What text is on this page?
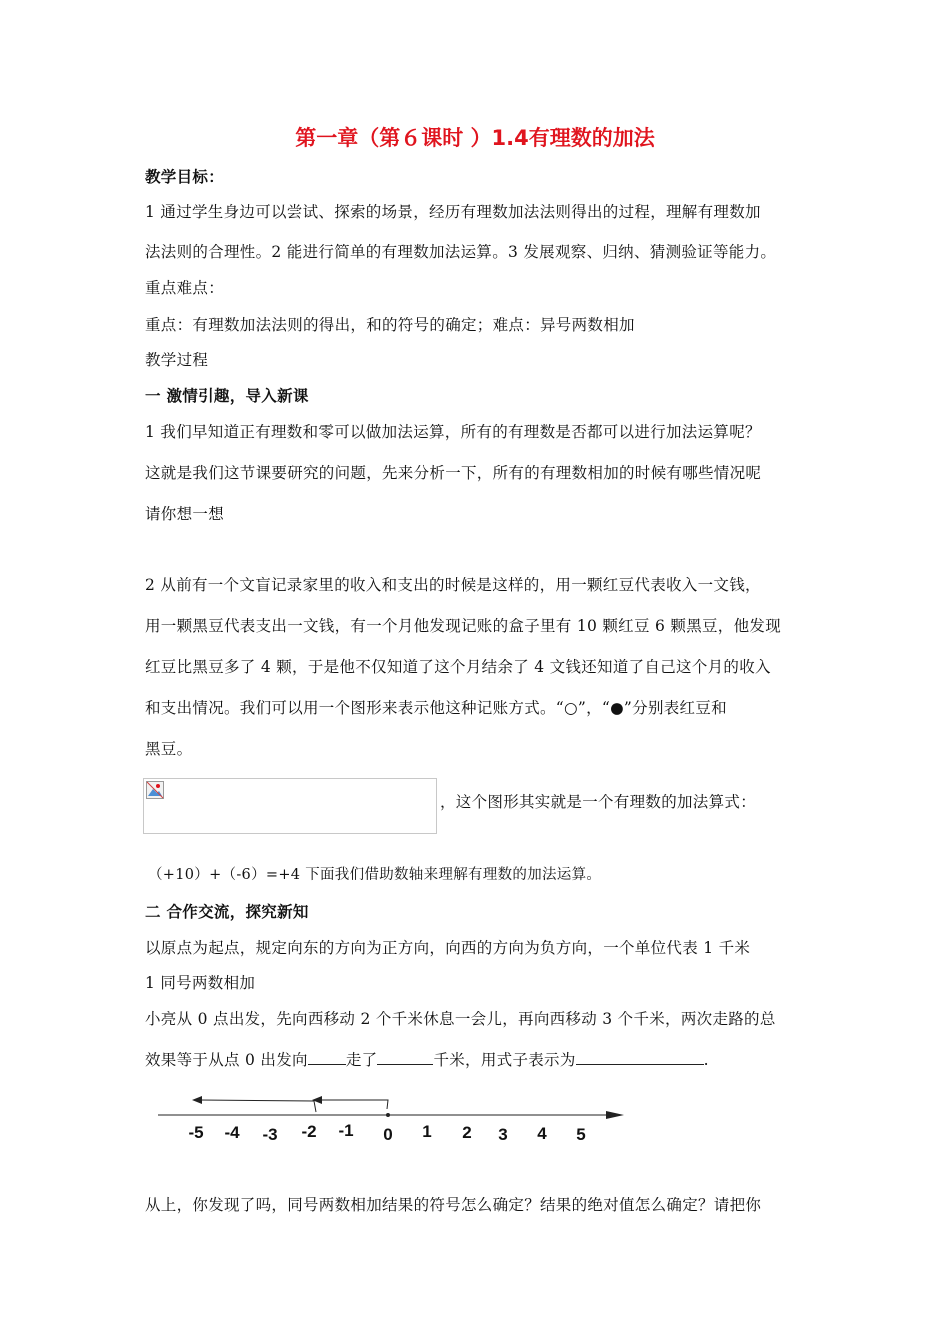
第一章（第６课时 ）1.4有理数的加法
教学目标：
1 通过学生身边可以尝试、探索的场景，经历有理数加法法则得出的过程，理解有理数加
法法则的合理性。2 能进行简单的有理数加法运算。3 发展观察、归纳、猜测验证等能力。
重点难点：
重点：有理数加法法则的得出，和的符号的确定；难点：异号两数相加
教学过程
一 激情引趣，导入新课
1 我们早知道正有理数和零可以做加法运算，所有的有理数是否都可以进行加法运算呢？
这就是我们这节课要研究的问题，先来分析一下，所有的有理数相加的时候有哪些情况呢
请你想一想
2 从前有一个文盲记录家里的收入和支出的时候是这样的，用一颗红豆代表收入一文钱，
用一颗黑豆代表支出一文钱，有一个月他发现记账的盒子里有 10 颗红豆 6 颗黑豆，他发现
红豆比黑豆多了 4 颗，于是他不仅知道了这个月结余了 4 文钱还知道了自己这个月的收入
和支出情况。我们可以用一个图形来表示他这种记账方式。“○”，“●”分别表红豆和
黑豆。
，这个图形其实就是一个有理数的加法算式：
（+10）+（-6）=+4 下面我们借助数轴来理解有理数的加法运算。
二 合作交流，探究新知
以原点为起点，规定向东的方向为正方向，向西的方向为负方向，一个单位代表 1 千米
1 同号两数相加
小亮从 0 点出发，先向西移动 2 个千米休息一会儿，再向西移动 3 个千米，两次走路的总
效果等于从点 0 出发向 走了	千米，用式子表示为	.
-5 -4 -3 -2 -1 0 1 2 3 4 5
从上，你发现了吗，同号两数相加结果的符号怎么确定？结果的绝对值怎么确定？请把你
